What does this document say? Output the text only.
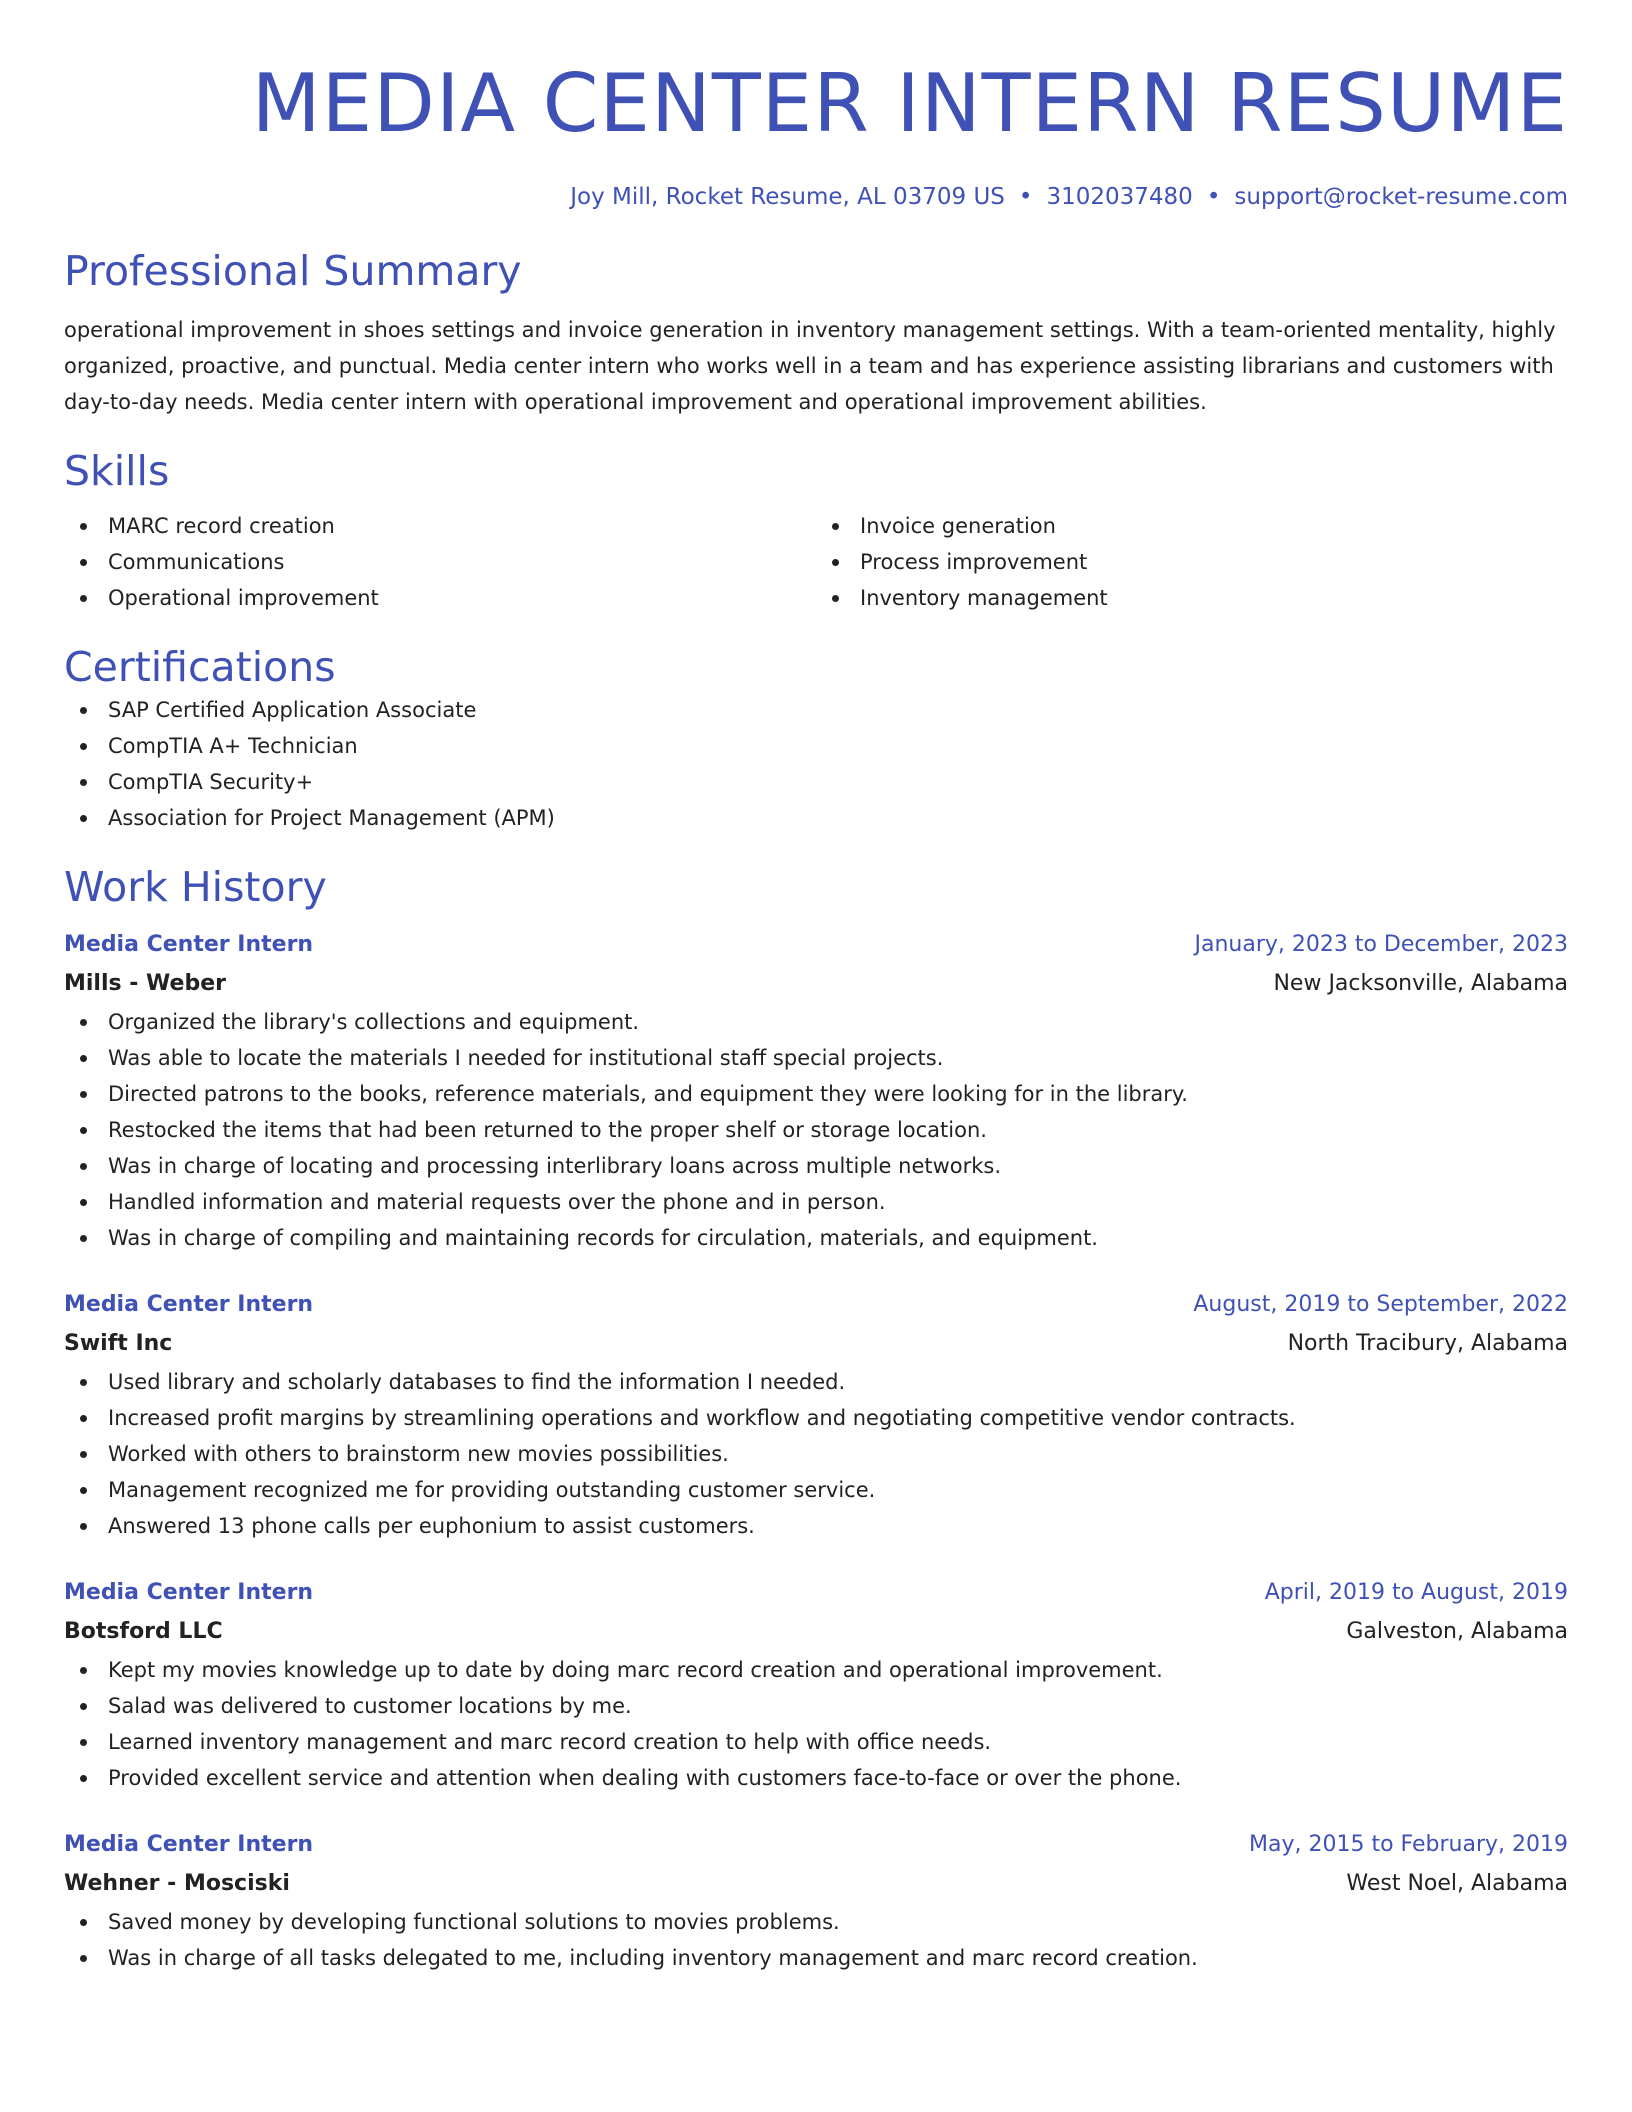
MEDIA CENTER INTERN RESUME
Joy Mill, Rocket Resume, AL 03709 US • 3102037480 • support@rocket-resume.com
Professional Summary

operational improvement in shoes settings and invoice generation in inventory management settings. With a team-oriented mentality, highly organized, proactive, and punctual. Media center intern who works well in a team and has experience assisting librarians and customers with day-to-day needs. Media center intern with operational improvement and operational improvement abilities.

Skills
MARC record creation
Communications
Operational improvement
Invoice generation
Process improvement
Inventory management
Certifications
SAP Certified Application Associate
CompTIA A+ Technician
CompTIA Security+
Association for Project Management (APM)
Work History
Media Center Intern	January, 2023 to December, 2023
Mills - Weber	New Jacksonville, Alabama
Organized the library's collections and equipment.
Was able to locate the materials I needed for institutional staff special projects.
Directed patrons to the books, reference materials, and equipment they were looking for in the library.
Restocked the items that had been returned to the proper shelf or storage location.
Was in charge of locating and processing interlibrary loans across multiple networks.
Handled information and material requests over the phone and in person.
Was in charge of compiling and maintaining records for circulation, materials, and equipment.
Media Center Intern	August, 2019 to September, 2022
Swift Inc	North Tracibury, Alabama
Used library and scholarly databases to find the information I needed.
Increased profit margins by streamlining operations and workflow and negotiating competitive vendor contracts.
Worked with others to brainstorm new movies possibilities.
Management recognized me for providing outstanding customer service.
Answered 13 phone calls per euphonium to assist customers.
Media Center Intern	April, 2019 to August, 2019
Botsford LLC	Galveston, Alabama
Kept my movies knowledge up to date by doing marc record creation and operational improvement.
Salad was delivered to customer locations by me.
Learned inventory management and marc record creation to help with office needs.
Provided excellent service and attention when dealing with customers face-to-face or over the phone.
Media Center Intern	May, 2015 to February, 2019
Wehner - Mosciski	West Noel, Alabama
Saved money by developing functional solutions to movies problems.
Was in charge of all tasks delegated to me, including inventory management and marc record creation.
